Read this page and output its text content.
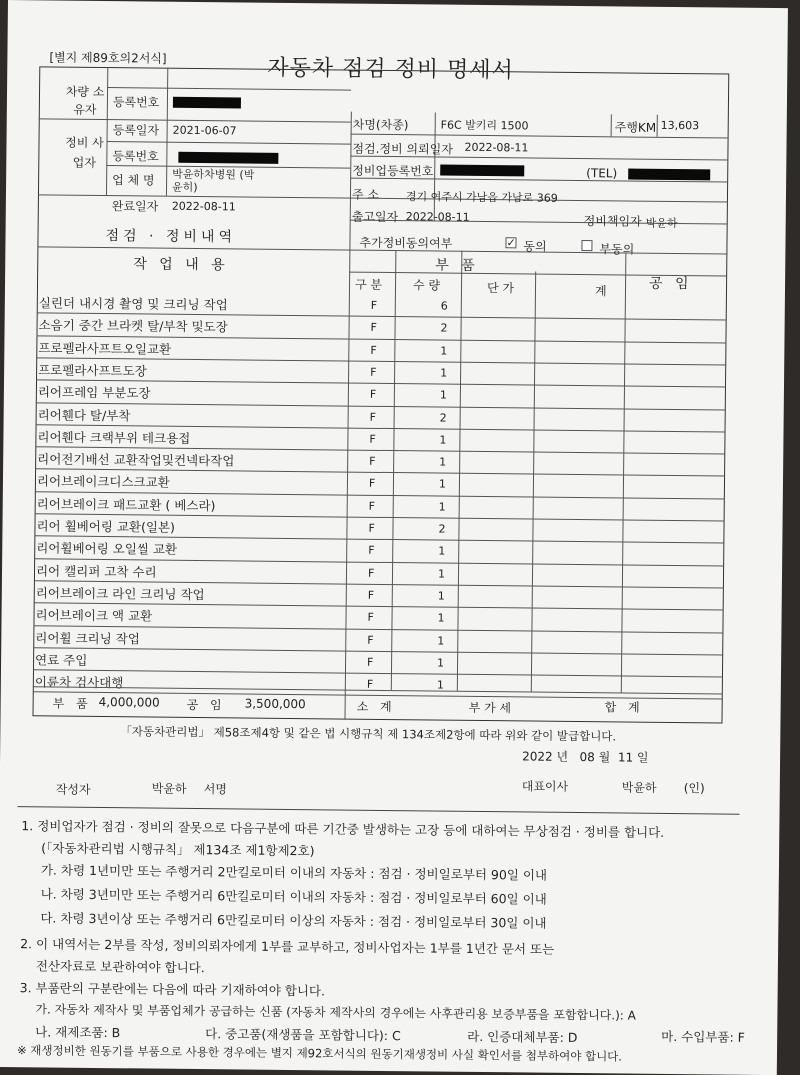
[별지 제89호의2서식]	자동차 점검 정비 명세서
차량 소유자
등록번호
등록일자 2021-06-07	차명(차종)	F6C 발키리 1500	주행KM 13,603
정비 사업자	등록번호
업 체 명 박윤하차병원 (박윤히)
완료일자 2022-08-11
점검.정비 의뢰일자 2022-08-11
정비업등록번호	(TEL)
주 소 경기 여주시 가남읍 가남로 369
출고일자 2022-08-11	정비책임자 박윤하
점검 · 정비내역
작 업 내 용
추가정비동의여부	✓ 동의	부동의
부 품
공 임
구 분	수 량	단 가	계
실린더 내시경 촬영 및 크리닝 작업	F	6
소음기 중간 브라켓 탈/부착 및도장	F	2
프로펠라사프트오일교환	F	1
프로펠라사프트도장	F	1
리어프레임 부분도장	F	1
리어휀다 탈/부착	F	2
리어휀다 크랙부위 테크용접	F	1
리어전기배선 교환작업및컨넥타작업	F	1
리어브레이크디스크교환	F	1
리어브레이크 패드교환 ( 베스라)	F	1
리어 휠베어링 교환(일본)	F	2
리어휠베어링 오일씰 교환	F	1
리어 캘리퍼 고착 수리	F	1
리어브레이크 라인 크리닝 작업	F	1
리어브레이크 액 교환	F	1
리어휠 크리닝 작업	F	1
연료 주입	F	1
이륜차 검사대행	F	1
부 품 4,000,000 공 임 3,500,000	소 계	부 가 세	합 계
「자동차관리법」 제58조제4항 및 같은 법 시행규칙 제 134조제2항에 따라 위와 같이 발급합니다.
2022 년 08 월 11 일
작성자	박윤하 서명	대표이사	박윤하 (인)
1. 정비업자가 점검 · 정비의 잘못으로 다음구분에 따른 기간중 발생하는 고장 등에 대하여는 무상점검 · 정비를 합니다.
(「자동차관리법 시행규칙」 제134조 제1항제2호)
가. 차령 1년미만 또는 주행거리 2만킬로미터 이내의 자동차 : 점검 · 정비일로부터 90일 이내
나. 차령 3년미만 또는 주행거리 6만킬로미터 이내의 자동차 : 점검 · 정비일로부터 60일 이내
다. 차령 3년이상 또는 주행거리 6만킬로미터 이상의 자동차 : 점검 · 정비일로부터 30일 이내
2. 이 내역서는 2부를 작성, 정비의뢰자에게 1부를 교부하고, 정비사업자는 1부를 1년간 문서 또는
전산자료로 보관하여야 합니다.
3. 부품란의 구분란에는 다음에 따라 기재하여야 합니다.
가. 자동차 제작사 및 부품업체가 공급하는 신품 (자동차 제작사의 경우에는 사후관리용 보증부품을 포함합니다.): A
나. 재제조품: B	다. 중고품(재생품을 포함합니다): C	라. 인증대체부품: D	마. 수입부품: F
※ 재생정비한 원동기를 부품으로 사용한 경우에는 별지 제92호서식의 원동기재생정비 사실 확인서를 첨부하여야 합니다.
